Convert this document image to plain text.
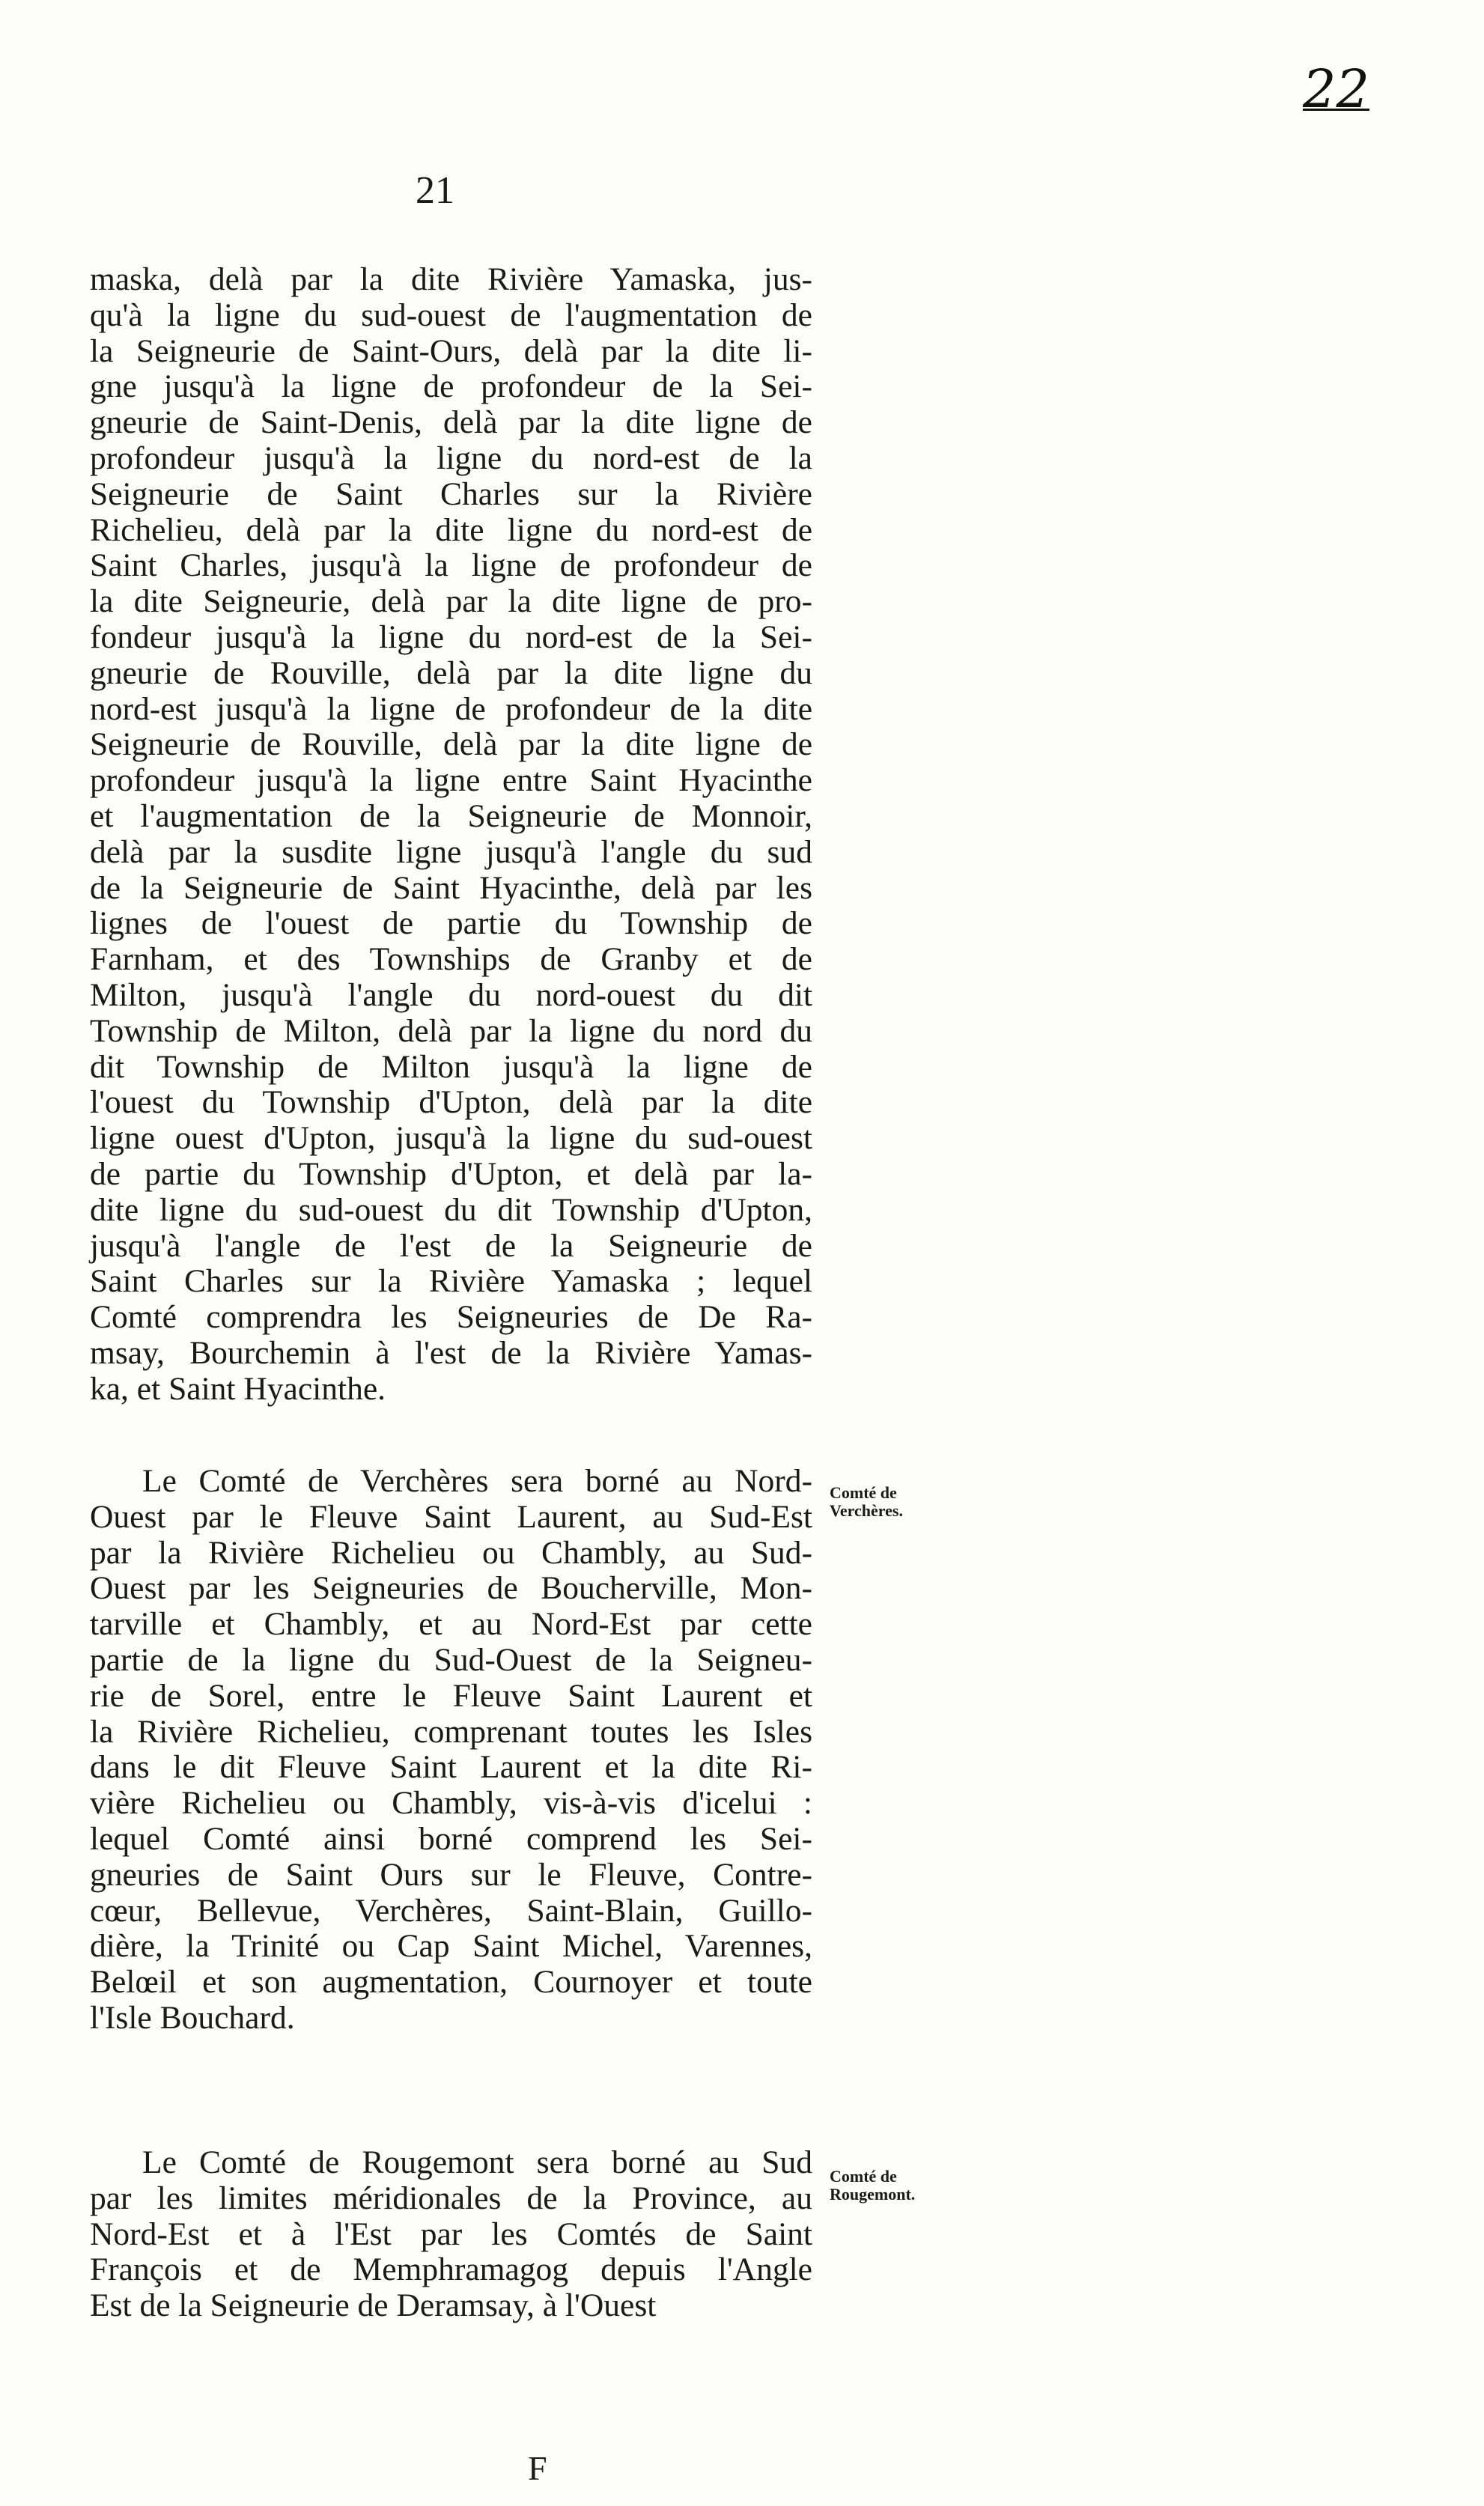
22
21
maska, delà par la dite Rivière Yamaska, jus-
qu'à la ligne du sud-ouest de l'augmentation de
la Seigneurie de Saint-Ours, delà par la dite li-
gne jusqu'à la ligne de profondeur de la Sei-
gneurie de Saint-Denis, delà par la dite ligne de
profondeur jusqu'à la ligne du nord-est de la
Seigneurie de Saint Charles sur la Rivière
Richelieu, delà par la dite ligne du nord-est de
Saint Charles, jusqu'à la ligne de profondeur de
la dite Seigneurie, delà par la dite ligne de pro-
fondeur jusqu'à la ligne du nord-est de la Sei-
gneurie de Rouville, delà par la dite ligne du
nord-est jusqu'à la ligne de profondeur de la dite
Seigneurie de Rouville, delà par la dite ligne de
profondeur jusqu'à la ligne entre Saint Hyacinthe
et l'augmentation de la Seigneurie de Monnoir,
delà par la susdite ligne jusqu'à l'angle du sud
de la Seigneurie de Saint Hyacinthe, delà par les
lignes de l'ouest de partie du Township de
Farnham, et des Townships de Granby et de
Milton, jusqu'à l'angle du nord-ouest du dit
Township de Milton, delà par la ligne du nord du
dit Township de Milton jusqu'à la ligne de
l'ouest du Township d'Upton, delà par la dite
ligne ouest d'Upton, jusqu'à la ligne du sud-ouest
de partie du Township d'Upton, et delà par la-
dite ligne du sud-ouest du dit Township d'Upton,
jusqu'à l'angle de l'est de la Seigneurie de
Saint Charles sur la Rivière Yamaska ; lequel
Comté comprendra les Seigneuries de De Ra-
msay, Bourchemin à l'est de la Rivière Yamas-
ka, et Saint Hyacinthe.
Comté de Verchères.
Le Comté de Verchères sera borné au Nord-
Ouest par le Fleuve Saint Laurent, au Sud-Est
par la Rivière Richelieu ou Chambly, au Sud-
Ouest par les Seigneuries de Boucherville, Mon-
tarville et Chambly, et au Nord-Est par cette
partie de la ligne du Sud-Ouest de la Seigneu-
rie de Sorel, entre le Fleuve Saint Laurent et
la Rivière Richelieu, comprenant toutes les Isles
dans le dit Fleuve Saint Laurent et la dite Ri-
vière Richelieu ou Chambly, vis-à-vis d'icelui :
lequel Comté ainsi borné comprend les Sei-
gneuries de Saint Ours sur le Fleuve, Contre-
cœur, Bellevue, Verchères, Saint-Blain, Guillo-
dière, la Trinité ou Cap Saint Michel, Varennes,
Belœil et son augmentation, Cournoyer et toute
l'Isle Bouchard.
Comté de Rougemont.
Le Comté de Rougemont sera borné au Sud
par les limites méridionales de la Province, au
Nord-Est et à l'Est par les Comtés de Saint
François et de Memphramagog depuis l'Angle
Est de la Seigneurie de Deramsay, à l'Ouest
F
